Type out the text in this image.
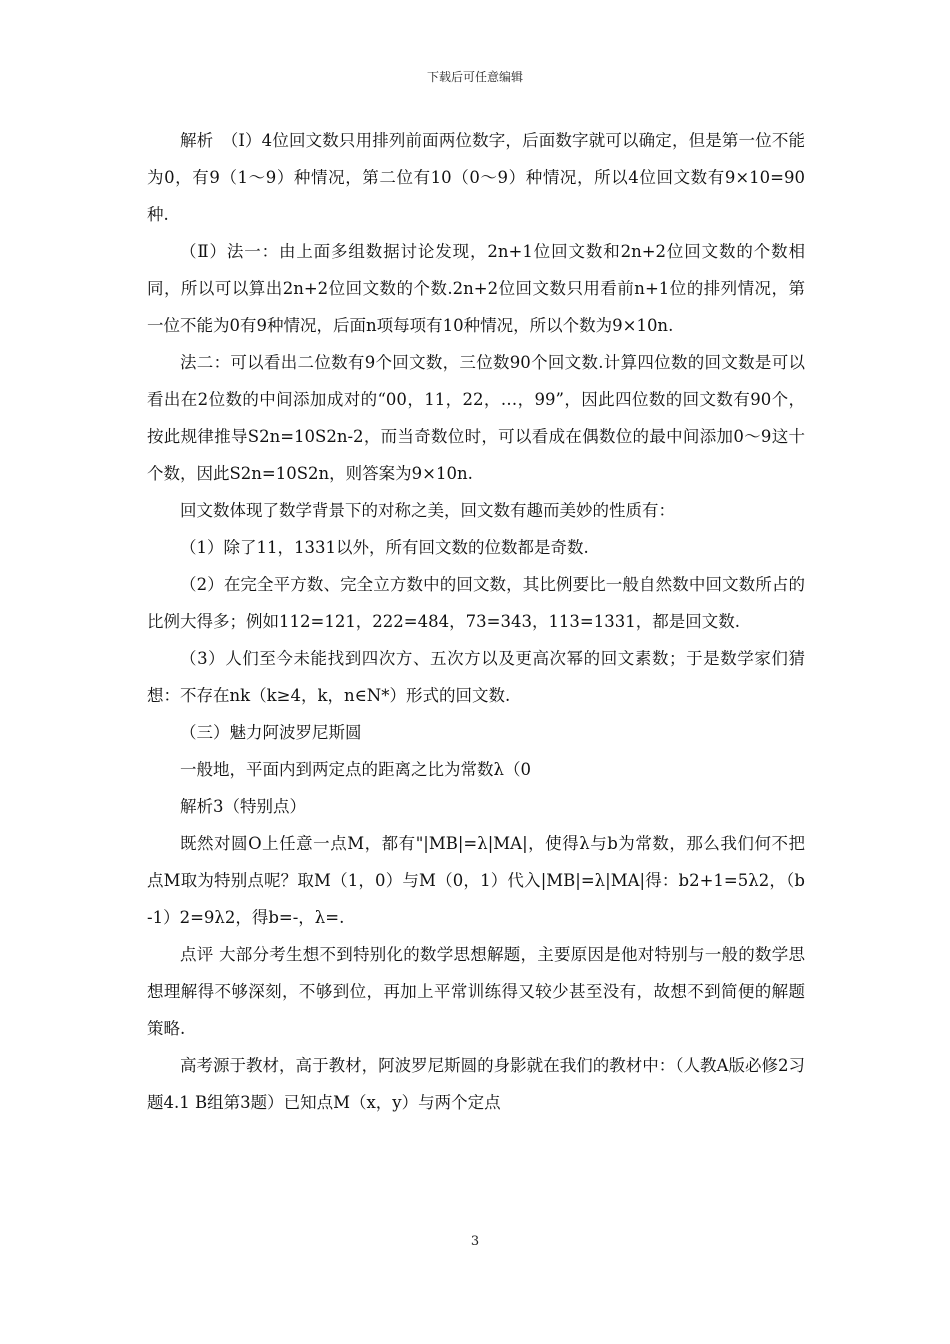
下载后可任意编辑

解析　（Ⅰ）4位回文数只用排列前面两位数字，后面数字就可以确定，但是第一位不能为0，有9（1～9）种情况，第二位有10（0～9）种情况，所以4位回文数有9×10=90种.

（Ⅱ）法一：由上面多组数据讨论发现，2n+1位回文数和2n+2位回文数的个数相同，所以可以算出2n+2位回文数的个数.2n+2位回文数只用看前n+1位的排列情况，第一位不能为0有9种情况，后面n项每项有10种情况，所以个数为9×10n.

法二：可以看出二位数有9个回文数，三位数90个回文数.计算四位数的回文数是可以看出在2位数的中间添加成对的“00，11，22，…，99”，因此四位数的回文数有90个，按此规律推导S2n=10S2n-2，而当奇数位时，可以看成在偶数位的最中间添加0～9这十个数，因此S2n=10S2n，则答案为9×10n.

回文数体现了数学背景下的对称之美，回文数有趣而美妙的性质有：

（1）除了11，1331以外，所有回文数的位数都是奇数.

（2）在完全平方数、完全立方数中的回文数，其比例要比一般自然数中回文数所占的比例大得多；例如112=121，222=484，73=343，113=1331，都是回文数.

（3）人们至今未能找到四次方、五次方以及更高次幂的回文素数；于是数学家们猜想：不存在nk（k≥4，k，n∈N*）形式的回文数.

（三）魅力阿波罗尼斯圆

一般地，平面内到两定点的距离之比为常数λ（0

解析3（特别点）

既然对圆O上任意一点M，都有"|MB|=λ|MA|，使得λ与b为常数，那么我们何不把点M取为特别点呢？取M（1，0）与M（0，1）代入|MB|=λ|MA|得：b2+1=5λ2，（b-1）2=9λ2，得b=-，λ=.

点评 大部分考生想不到特别化的数学思想解题，主要原因是他对特别与一般的数学思想理解得不够深刻，不够到位，再加上平常训练得又较少甚至没有，故想不到简便的解题策略.

高考源于教材，高于教材，阿波罗尼斯圆的身影就在我们的教材中：（人教A版必修2习题4.1 B组第3题）已知点M（x，y）与两个定点

3
